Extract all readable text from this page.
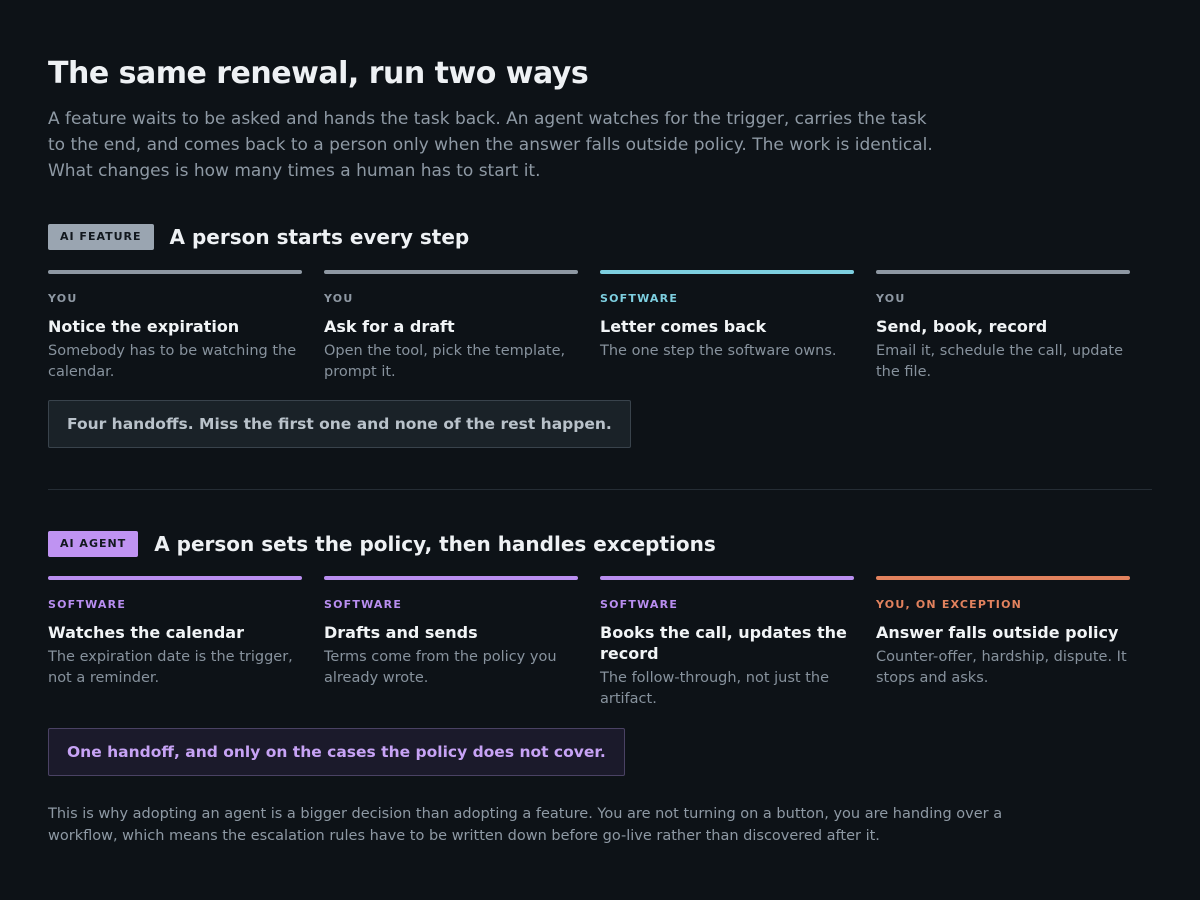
The same renewal, run two ways

A feature waits to be asked and hands the task back. An agent watches for the trigger, carries the task to the end, and comes back to a person only when the answer falls outside policy. The work is identical. What changes is how many times a human has to start it.

AI FEATURE	A person starts every step
YOU
Notice the expiration
Somebody has to be watching the calendar.
YOU
Ask for a draft
Open the tool, pick the template, prompt it.
SOFTWARE
Letter comes back
The one step the software owns.
YOU
Send, book, record
Email it, schedule the call, update the file.
Four handoffs. Miss the first one and none of the rest happen.
AI AGENT	A person sets the policy, then handles exceptions
SOFTWARE
Watches the calendar
The expiration date is the trigger, not a reminder.
SOFTWARE
Drafts and sends
Terms come from the policy you already wrote.
SOFTWARE
Books the call, updates the record
The follow-through, not just the artifact.
YOU, ON EXCEPTION
Answer falls outside policy
Counter-offer, hardship, dispute. It stops and asks.
One handoff, and only on the cases the policy does not cover.

This is why adopting an agent is a bigger decision than adopting a feature. You are not turning on a button, you are handing over a workflow, which means the escalation rules have to be written down before go-live rather than discovered after it.
